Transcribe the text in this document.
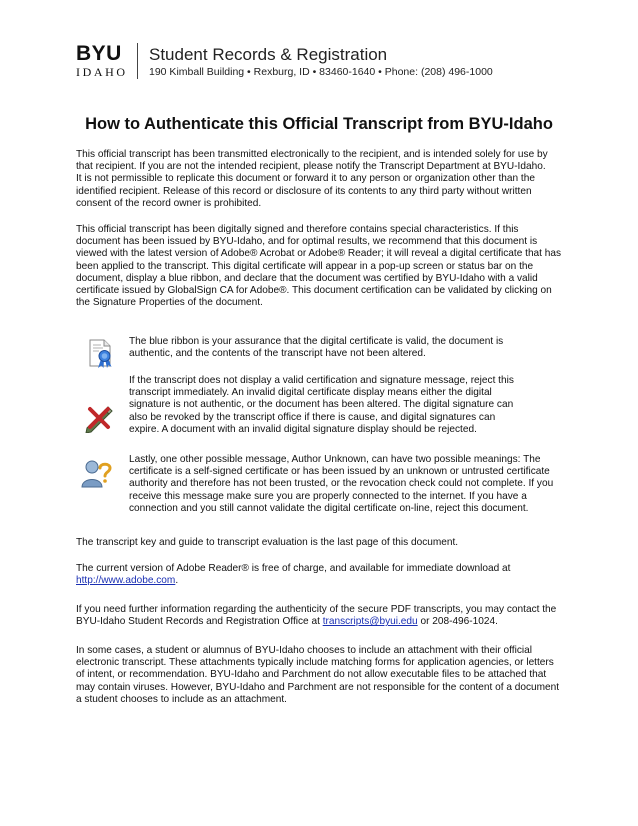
BYU
IDAHO
Student Records & Registration
190 Kimball Building • Rexburg, ID • 83460-1640 • Phone: (208) 496-1000
How to Authenticate this Official Transcript from BYU-Idaho
This official transcript has been transmitted electronically to the recipient, and is intended solely for use by
that recipient. If you are not the intended recipient, please notify the Transcript Department at BYU-Idaho.
It is not permissible to replicate this document or forward it to any person or organization other than the
identified recipient. Release of this record or disclosure of its contents to any third party without written
consent of the record owner is prohibited.
This official transcript has been digitally signed and therefore contains special characteristics. If this
document has been issued by BYU-Idaho, and for optimal results, we recommend that this document is
viewed with the latest version of Adobe® Acrobat or Adobe® Reader; it will reveal a digital certificate that has
been applied to the transcript. This digital certificate will appear in a pop-up screen or status bar on the
document, display a blue ribbon, and declare that the document was certified by BYU-Idaho with a valid
certificate issued by GlobalSign CA for Adobe®. This document certification can be validated by clicking on
the Signature Properties of the document.
The blue ribbon is your assurance that the digital certificate is valid, the document is
authentic, and the contents of the transcript have not been altered.
If the transcript does not display a valid certification and signature message, reject this
transcript immediately. An invalid digital certificate display means either the digital
signature is not authentic, or the document has been altered. The digital signature can
also be revoked by the transcript office if there is cause, and digital signatures can
expire. A document with an invalid digital signature display should be rejected.
Lastly, one other possible message, Author Unknown, can have two possible meanings: The
certificate is a self-signed certificate or has been issued by an unknown or untrusted certificate
authority and therefore has not been trusted, or the revocation check could not complete. If you
receive this message make sure you are properly connected to the internet. If you have a
connection and you still cannot validate the digital certificate on-line, reject this document.
The transcript key and guide to transcript evaluation is the last page of this document.
The current version of Adobe Reader® is free of charge, and available for immediate download at
http://www.adobe.com.
If you need further information regarding the authenticity of the secure PDF transcripts, you may contact the
BYU-Idaho Student Records and Registration Office at transcripts@byui.edu or 208-496-1024.
In some cases, a student or alumnus of BYU-Idaho chooses to include an attachment with their official
electronic transcript. These attachments typically include matching forms for application agencies, or letters
of intent, or recommendation. BYU-Idaho and Parchment do not allow executable files to be attached that
may contain viruses. However, BYU-Idaho and Parchment are not responsible for the content of a document
a student chooses to include as an attachment.
